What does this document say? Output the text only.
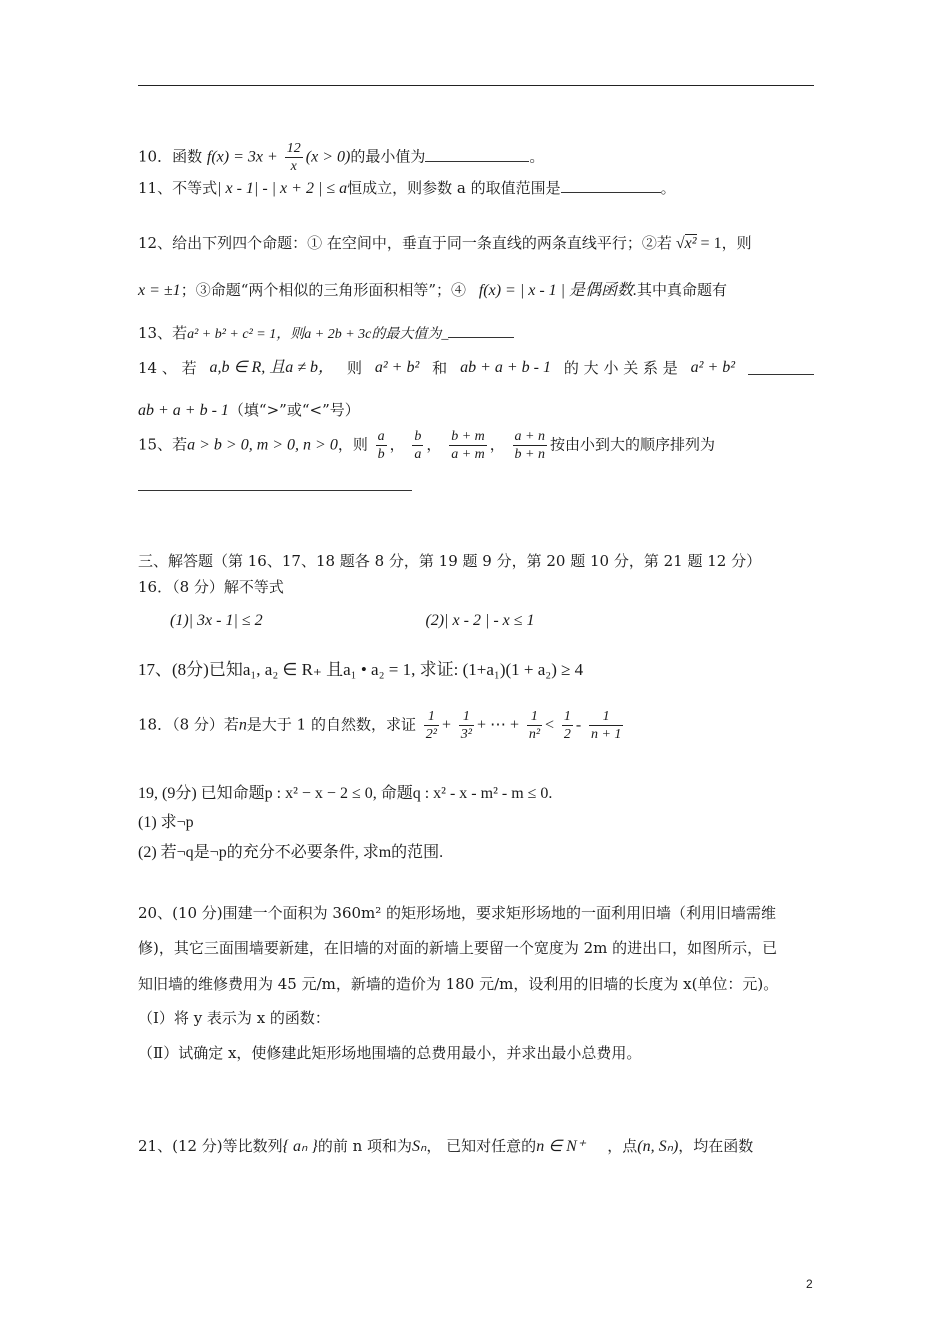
10．函数 $f(x) = 3x + \frac{12}{x} (x > 0)$的最小值为	。
11、不等式| x - 1| - | x + 2 | ≤ a恒成立，则参数 a 的取值范围是	。
12、给出下列四个命题：① 在空间中，垂直于同一条直线的两条直线平行；②若 √x² = 1，则
x = ±1；③命题“两个相似的三角形面积相等”；④ f(x) = | x - 1 | 是偶函数.其中真命题有
13、若a² + b² + c² = 1，则a + 2b + 3c的最大值为_
14 、 若 a,b ∈ R, 且a ≠ b， 则 a² + b² 和 ab + a + b - 1 的 大 小 关 系 是 a² + b²
ab + a + b - 1（填“>”或“<”号）
15、若a > b > 0, m > 0, n > 0，则 $\frac{a}{b}$ ， $\frac{b}{a}$ ， $\frac{b + m}{a + m}$ ， $\frac{a + n}{b + n}$ 按由小到大的顺序排列为
三、解答题（第 16、17、18 题各 8 分，第 19 题 9 分，第 20 题 10 分，第 21 题 12 分）
16．（8 分）解不等式
(1)| 3x - 1| ≤ 2	(2)| x - 2 | - x ≤ 1
17、(8分)已知a₁, a₂ ∈ R₊ 且a₁ • a₂ = 1, 求证: (1+a₁)(1 + a₂) ≥ 4
18．（8 分）若n是大于 1 的自然数，求证 $\frac{1}{\text{2²}} + \frac{1}{\text{3²}}$ + ⋯ + $\frac{1}{\text{n²}} < \frac{1}{2} - \frac{1}{n + 1}$
19, (9分) 已知命题p : x² − x − 2 ≤ 0, 命题q : x² - x - m² - m ≤ 0.
(1) 求¬p
(2) 若¬q是¬p的充分不必要条件, 求m的范围.
20、(10 分)围建一个面积为 360m² 的矩形场地，要求矩形场地的一面利用旧墙（利用旧墙需维
修)，其它三面围墙要新建，在旧墙的对面的新墙上要留一个宽度为 2m 的进出口，如图所示，已
知旧墙的维修费用为 45 元/m，新墙的造价为 180 元/m，设利用的旧墙的长度为 x(单位：元)。
（Ⅰ）将 y 表示为 x 的函数：
（Ⅱ）试确定 x，使修建此矩形场地围墙的总费用最小，并求出最小总费用。
21、(12 分)等比数列{ aₙ }的前 n 项和为Sₙ， 已知对任意的n ∈ N⁺ ，点(n, Sₙ)，均在函数
2
